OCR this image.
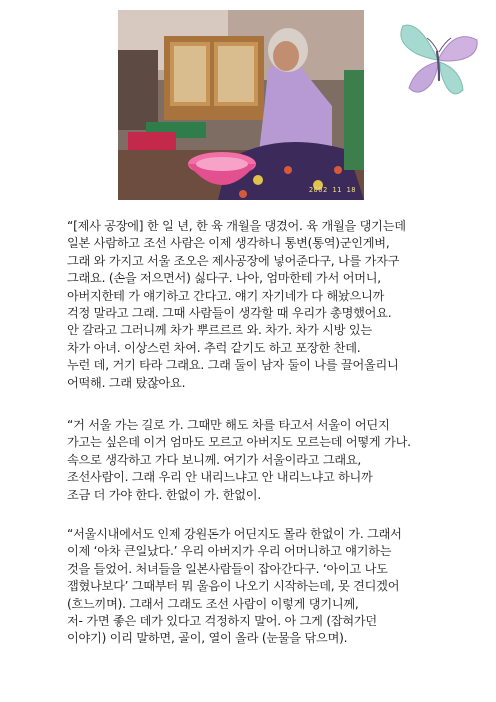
2002 11 18
“[제사 공장에] 한 일 년, 한 육 개월을 댕겼어. 육 개월을 댕기는데
일본 사람하고 조선 사람은 이제 생각하니 통변(통역)군인게벼,
그래 와 가지고 서울 조오은 제사공장에 넣어준다구, 나를 가자구
그래요. (손을 저으면서) 싫다구. 나아, 엄마한테 가서 어머니,
아버지한테 가 얘기하고 간다고. 얘기 자기네가 다 해놨으니까
걱정 말라고 그래. 그때 사람들이 생각할 때 우리가 총명했어요.
안 갈라고 그러니께 차가 뿌르르르 와. 차가. 차가 시방 있는
차가 아녀. 이상스런 차여. 추럭 같기도 하고 포장한 찬데.
누런 데, 거기 타라 그래요. 그래 둘이 남자 둘이 나를 끌어올리니
어떡해. 그래 탔잖아요.
“거 서울 가는 길로 가. 그때만 해도 차를 타고서 서울이 어딘지
가고는 싶은데 이거 엄마도 모르고 아버지도 모르는데 어떻게 가나.
속으로 생각하고 가다 보니께. 여기가 서울이라고 그래요,
조선사람이. 그래 우리 안 내리느냐고 안 내리느냐고 하니까
조금 더 가야 한다. 한없이 가. 한없이.
“서울시내에서도 인제 강원돈가 어딘지도 몰라 한없이 가. 그래서
이제 ‘아차 큰일났다.’ 우리 아버지가 우리 어머니하고 얘기하는
것을 들었어. 처녀들을 일본사람들이 잡아간다구. ‘아이고 나도
잽혔나보다’ 그때부터 뭐 울음이 나오기 시작하는데, 못 견디겠어
(흐느끼며). 그래서 그래도 조선 사람이 이렇게 댕기니께,
저- 가면 좋은 데가 있다고 걱정하지 말어. 아 그게 (잡혀가던
이야기) 이리 말하면, 골이, 열이 올라 (눈물을 닦으며).
